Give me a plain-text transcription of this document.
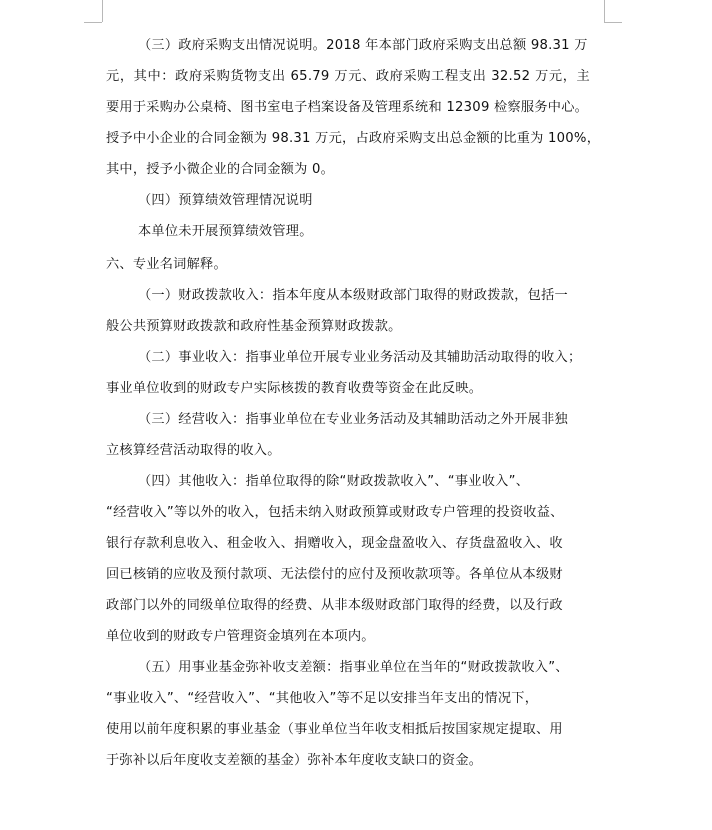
（三）政府采购支出情况说明。2018 年本部门政府采购支出总额 98.31 万
元，其中：政府采购货物支出 65.79 万元、政府采购工程支出 32.52 万元，主
要用于采购办公桌椅、图书室电子档案设备及管理系统和 12309 检察服务中心。
授予中小企业的合同金额为 98.31 万元，占政府采购支出总金额的比重为 100%，
其中，授予小微企业的合同金额为 0。
（四）预算绩效管理情况说明
本单位未开展预算绩效管理。
六、专业名词解释。
（一）财政拨款收入：指本年度从本级财政部门取得的财政拨款，包括一
般公共预算财政拨款和政府性基金预算财政拨款。
（二）事业收入：指事业单位开展专业业务活动及其辅助活动取得的收入；
事业单位收到的财政专户实际核拨的教育收费等资金在此反映。
（三）经营收入：指事业单位在专业业务活动及其辅助活动之外开展非独
立核算经营活动取得的收入。
（四）其他收入：指单位取得的除“财政拨款收入”、“事业收入”、
“经营收入”等以外的收入，包括未纳入财政预算或财政专户管理的投资收益、
银行存款利息收入、租金收入、捐赠收入，现金盘盈收入、存货盘盈收入、收
回已核销的应收及预付款项、无法偿付的应付及预收款项等。各单位从本级财
政部门以外的同级单位取得的经费、从非本级财政部门取得的经费，以及行政
单位收到的财政专户管理资金填列在本项内。
（五）用事业基金弥补收支差额：指事业单位在当年的“财政拨款收入”、
“事业收入”、“经营收入”、“其他收入”等不足以安排当年支出的情况下，
使用以前年度积累的事业基金（事业单位当年收支相抵后按国家规定提取、用
于弥补以后年度收支差额的基金）弥补本年度收支缺口的资金。
